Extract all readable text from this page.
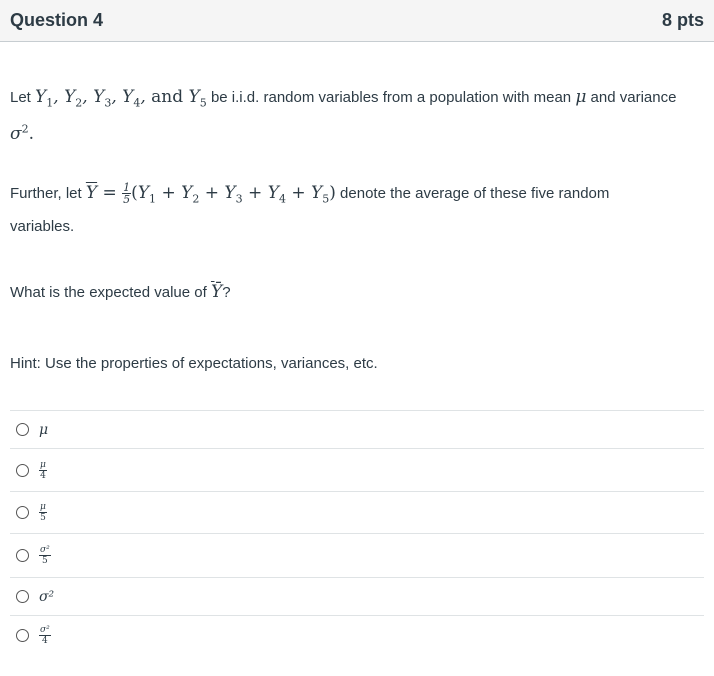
Question 4	8 pts
Let $Y_1$, $Y_2$, $Y_3$, $Y_4$, and $Y_5$ be i.i.d. random variables from a population with mean μ and variance
$\sigma^2$.
Further, let $\overline{Y} = \frac{1}{5} (Y_1 + Y_2 + Y_3 + Y_4 + Y_5)$ denote the average of these five random
variables.
What is the expected value of $\overline{Ȳ}$?
Hint: Use the properties of expectations, variances, etc.
μ
$\frac{\mu}{4}$
$\frac{\mu}{5}$
$\frac{\text{σ²}}{5}$
σ²
$\frac{\text{σ²}}{4}$
